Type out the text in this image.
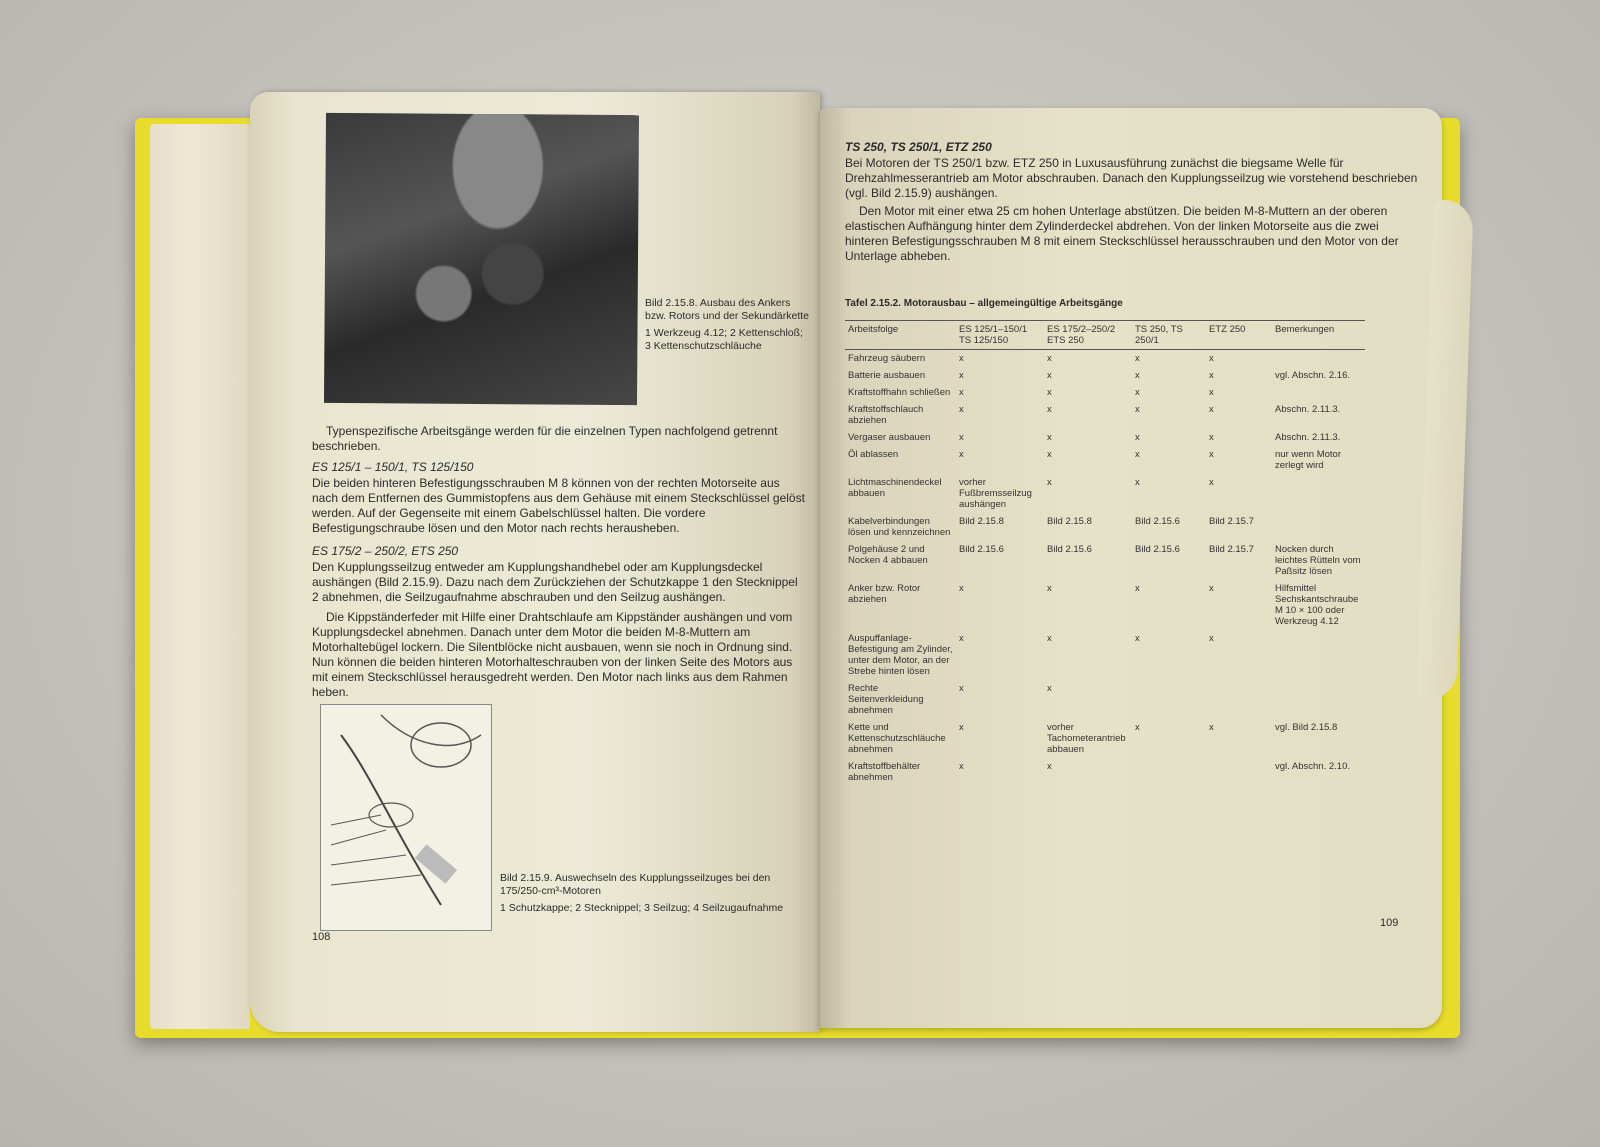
Bild 2.15.8. Ausbau des Ankers bzw. Rotors und der Sekundärkette
1 Werkzeug 4.12; 2 Kettenschloß; 3 Kettenschutzschläuche
Typenspezifische Arbeitsgänge werden für die einzelnen Typen nachfolgend getrennt beschrieben.
ES 125/1 – 150/1, TS 125/150
Die beiden hinteren Befestigungsschrauben M 8 können von der rechten Motorseite aus nach dem Entfernen des Gummistopfens aus dem Gehäuse mit einem Steckschlüssel gelöst werden. Auf der Gegenseite mit einem Gabelschlüssel halten. Die vordere Befestigungschraube lösen und den Motor nach rechts herausheben.
ES 175/2 – 250/2, ETS 250
Den Kupplungsseilzug entweder am Kupplungshandhebel oder am Kupplungsdeckel aushängen (Bild 2.15.9). Dazu nach dem Zurückziehen der Schutzkappe 1 den Stecknippel 2 abnehmen, die Seilzugaufnahme abschrauben und den Seilzug aushängen.
Die Kippständerfeder mit Hilfe einer Drahtschlaufe am Kippständer aushängen und vom Kupplungsdeckel abnehmen. Danach unter dem Motor die beiden M-8-Muttern am Motorhaltebügel lockern. Die Silentblöcke nicht ausbauen, wenn sie noch in Ordnung sind. Nun können die beiden hinteren Motorhalteschrauben von der linken Seite des Motors aus mit einem Steckschlüssel herausgedreht werden. Den Motor nach links aus dem Rahmen heben.
Bild 2.15.9. Auswechseln des Kupplungsseilzuges bei den 175/250-cm³-Motoren
1 Schutzkappe; 2 Stecknippel; 3 Seilzug; 4 Seilzugaufnahme
108
TS 250, TS 250/1, ETZ 250
Bei Motoren der TS 250/1 bzw. ETZ 250 in Luxusausführung zunächst die biegsame Welle für Drehzahlmesserantrieb am Motor abschrauben. Danach den Kupplungsseilzug wie vorstehend beschrieben (vgl. Bild 2.15.9) aushängen.
Den Motor mit einer etwa 25 cm hohen Unterlage abstützen. Die beiden M-8-Muttern an der oberen elastischen Aufhängung hinter dem Zylinderdeckel abdrehen. Von der linken Motorseite aus die zwei hinteren Befestigungsschrauben M 8 mit einem Steckschlüssel herausschrauben und den Motor von der Unterlage abheben.
Tafel 2.15.2. Motorausbau – allgemeingültige Arbeitsgänge
Arbeitsfolge	ES 125/1–150/1 TS 125/150	ES 175/2–250/2 ETS 250	TS 250, TS 250/1	ETZ 250	Bemerkungen
Fahrzeug säubern	x	x	x	x	
Batterie ausbauen	x	x	x	x	vgl. Abschn. 2.16.
Kraftstoffhahn schließen	x	x	x	x	
Kraftstoffschlauch abziehen	x	x	x	x	Abschn. 2.11.3.
Vergaser ausbauen	x	x	x	x	Abschn. 2.11.3.
Öl ablassen	x	x	x	x	nur wenn Motor zerlegt wird
Lichtmaschinendeckel abbauen	vorher Fußbremsseilzug aushängen	x	x	x	
Kabelverbindungen lösen und kennzeichnen	Bild 2.15.8	Bild 2.15.8	Bild 2.15.6	Bild 2.15.7	
Polgehäuse 2 und Nocken 4 abbauen	Bild 2.15.6	Bild 2.15.6	Bild 2.15.6	Bild 2.15.7	Nocken durch leichtes Rütteln vom Paßsitz lösen
Anker bzw. Rotor abziehen	x	x	x	x	Hilfsmittel Sechskantschraube M 10 × 100 oder Werkzeug 4.12
Auspuffanlage-Befestigung am Zylinder, unter dem Motor, an der Strebe hinten lösen	x	x	x	x	
Rechte Seitenverkleidung abnehmen	x	x			
Kette und Kettenschutzschläuche abnehmen	x	vorher Tachometerantrieb abbauen	x	x	vgl. Bild 2.15.8
Kraftstoffbehälter abnehmen	x	x			vgl. Abschn. 2.10.
109
